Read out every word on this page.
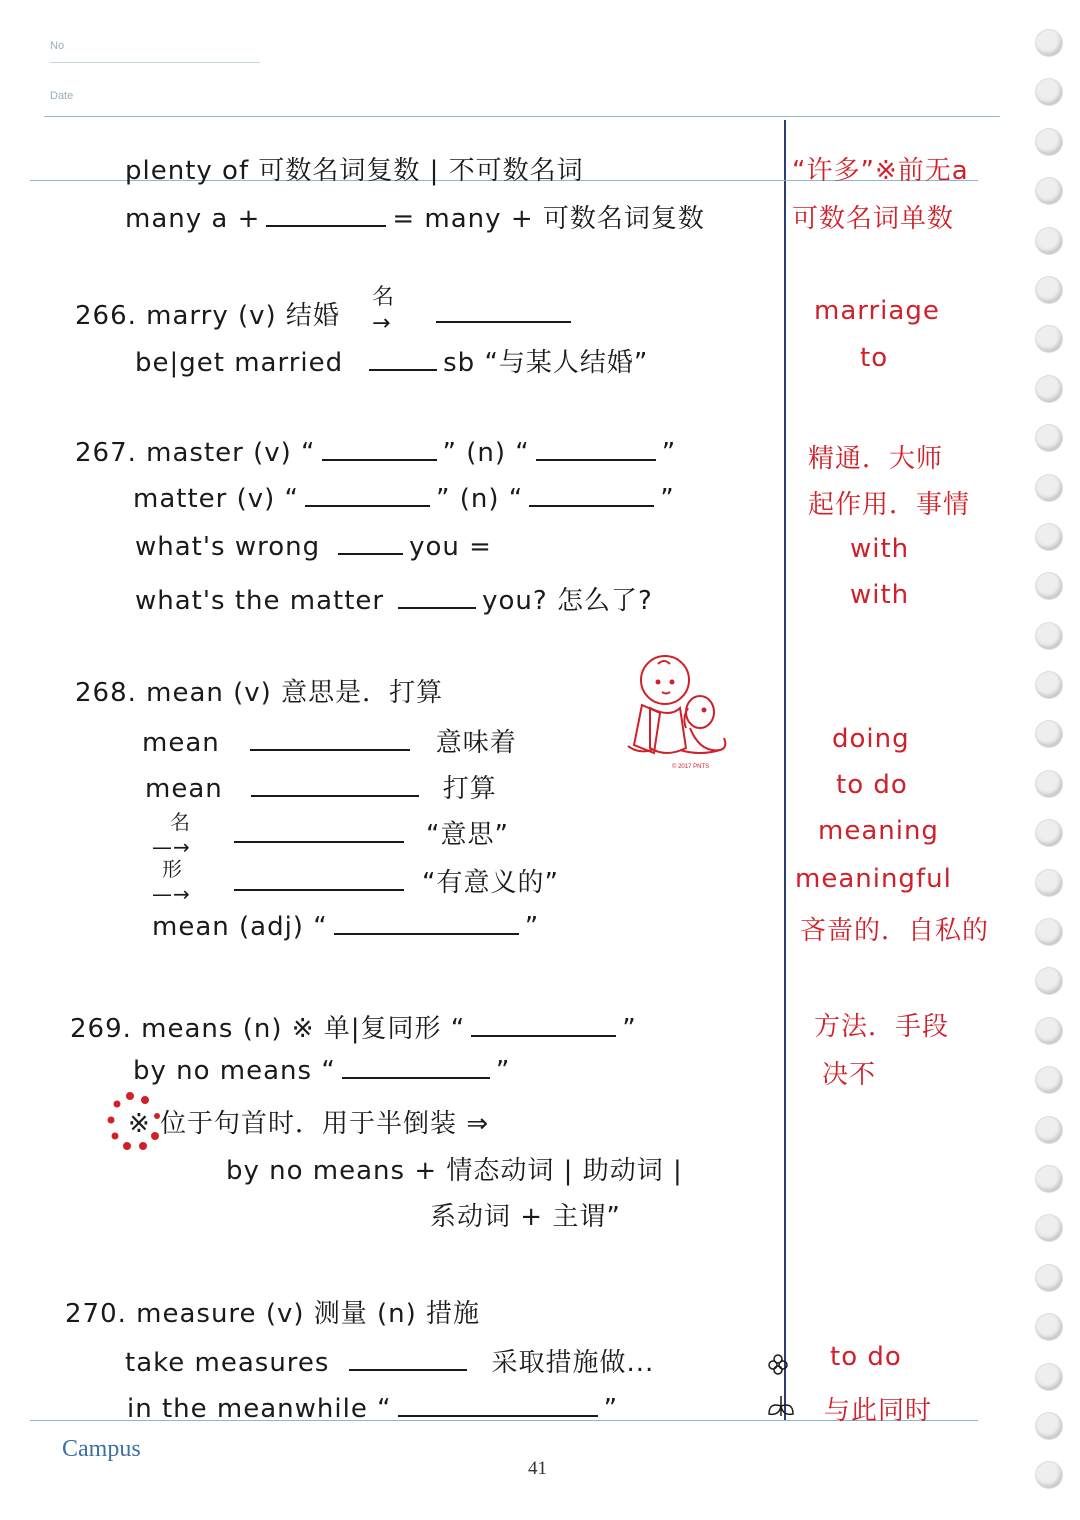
No
Date
plenty of 可数名词复数 | 不可数名词
many a +	= many + 可数名词复数
266. marry (v) 结婚
名
→
be|get married	sb “与某人结婚”
267. master (v) “	” (n) “	”
matter (v) “	” (n) “	”
what's wrong	you =
what's the matter	you? 怎么了?
268. mean (v) 意思是．打算
mean	意味着
mean	打算
名
—→	“意思”
形
—→	“有意义的”
mean (adj) “	”
© 2017 PNTS
269. means (n) ※ 单|复同形 “	”
by no means “	”
※ 位于句首时．用于半倒装 ⇒
by no means + 情态动词 | 助动词 |
系动词 + 主谓”
270. measure (v) 测量 (n) 措施
take measures	采取措施做...
in the meanwhile “	”
“许多”※前无a
可数名词单数
marriage
to
精通．大师
起作用．事情
with
with
doing
to do
meaning
meaningful
吝啬的．自私的
方法．手段
决不
to do
与此同时
Campus
41
